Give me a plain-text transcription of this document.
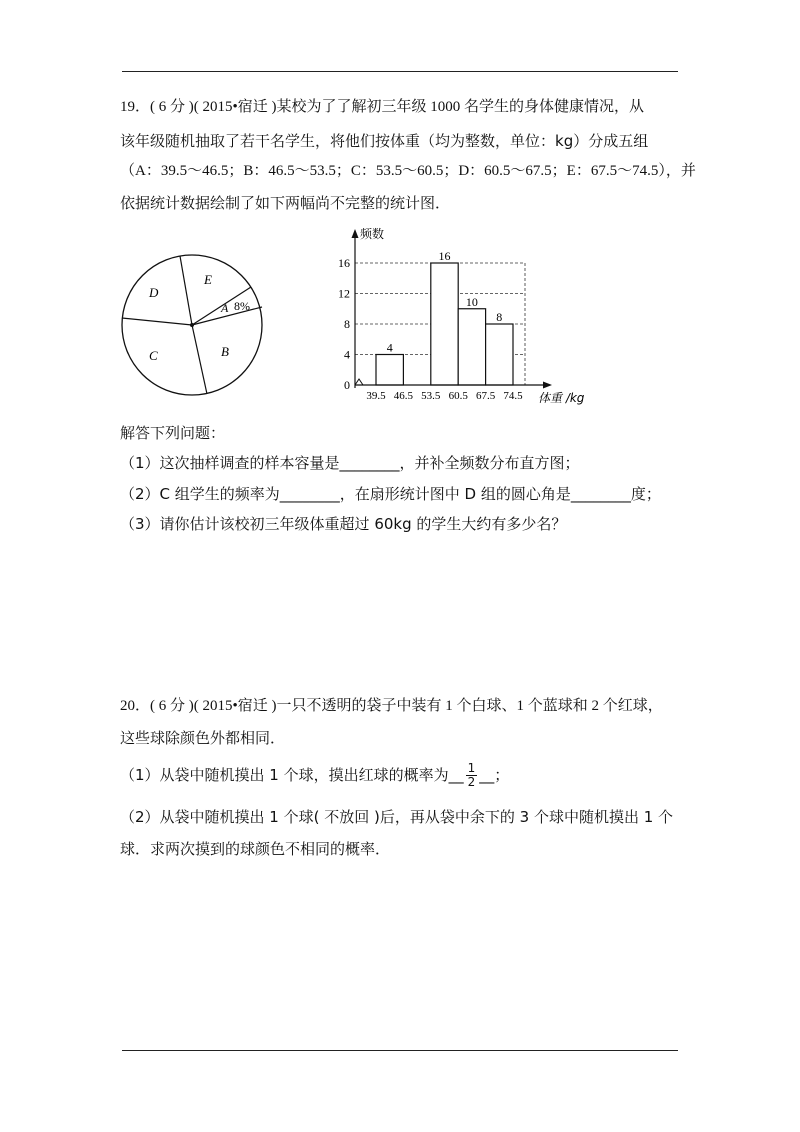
19．( 6 分 )( 2015•宿迁 )某校为了了解初三年级 1000 名学生的身体健康情况，从
该年级随机抽取了若干名学生，将他们按体重（均为整数，单位：kg）分成五组
（A：39.5～46.5；B：46.5～53.5；C：53.5～60.5；D：60.5～67.5；E：67.5～74.5），并
依据统计数据绘制了如下两幅尚不完整的统计图．
D
E
A 8%
C	B	4
16
10
8
频数
体重 /kg
0
4
8
12
16
39.5 46.5 53.5 60.5 67.5 74.5
解答下列问题：
（1）这次抽样调查的样本容量是________，并补全频数分布直方图；
（2）C 组学生的频率为________，在扇形统计图中 D 组的圆心角是________度；
（3）请你估计该校初三年级体重超过 60kg 的学生大约有多少名？
20．( 6 分 )( 2015•宿迁 )一只不透明的袋子中装有 1 个白球、1 个蓝球和 2 个红球，
这些球除颜色外都相同．
（1）从袋中随机摸出 1 个球，摸出红球的概率为__ $\frac{1}{2}$ __；
（2）从袋中随机摸出 1 个球( 不放回 )后，再从袋中余下的 3 个球中随机摸出 1 个
球．求两次摸到的球颜色不相同的概率．
